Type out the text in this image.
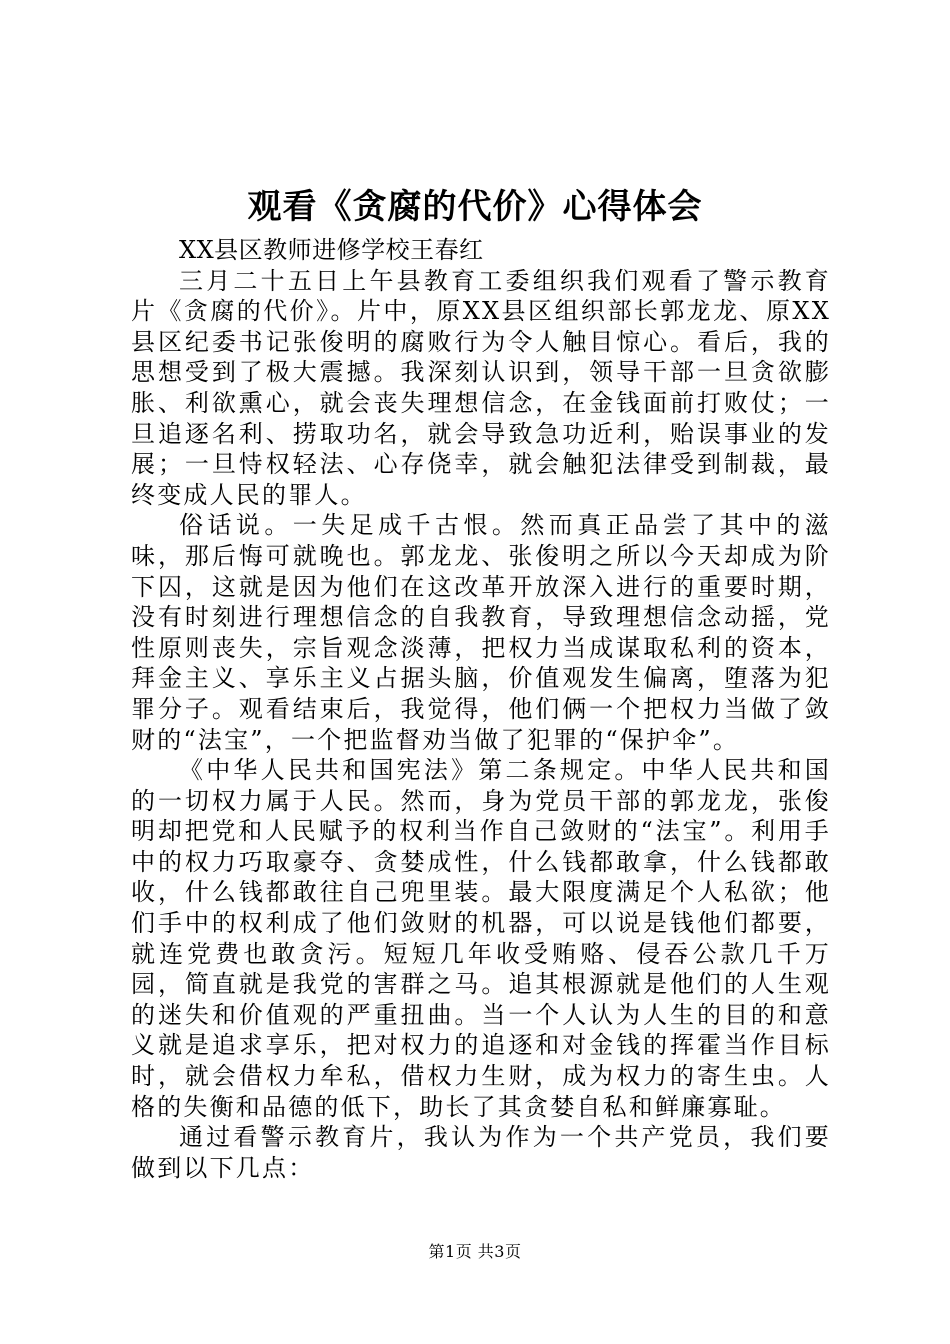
观看《贪腐的代价》心得体会

XX县区教师进修学校王春红

三月二十五日上午县教育工委组织我们观看了警示教育片《贪腐的代价》。片中，原XX县区组织部长郭龙龙、原XX县区纪委书记张俊明的腐败行为令人触目惊心。看后，我的思想受到了极大震撼。我深刻认识到，领导干部一旦贪欲膨胀、利欲熏心，就会丧失理想信念，在金钱面前打败仗；一旦追逐名利、捞取功名，就会导致急功近利，贻误事业的发展；一旦恃权轻法、心存侥幸，就会触犯法律受到制裁，最终变成人民的罪人。

俗话说。一失足成千古恨。然而真正品尝了其中的滋味，那后悔可就晚也。郭龙龙、张俊明之所以今天却成为阶下囚，这就是因为他们在这改革开放深入进行的重要时期，没有时刻进行理想信念的自我教育，导致理想信念动摇，党性原则丧失，宗旨观念淡薄，把权力当成谋取私利的资本，拜金主义、享乐主义占据头脑，价值观发生偏离，堕落为犯罪分子。观看结束后，我觉得，他们俩一个把权力当做了敛财的“法宝”，一个把监督劝当做了犯罪的“保护伞”。

《中华人民共和国宪法》第二条规定。中华人民共和国的一切权力属于人民。然而，身为党员干部的郭龙龙，张俊明却把党和人民赋予的权利当作自己敛财的“法宝”。利用手中的权力巧取豪夺、贪婪成性，什么钱都敢拿，什么钱都敢收，什么钱都敢往自己兜里装。最大限度满足个人私欲；他们手中的权利成了他们敛财的机器，可以说是钱他们都要，就连党费也敢贪污。短短几年收受贿赂、侵吞公款几千万园，简直就是我党的害群之马。追其根源就是他们的人生观的迷失和价值观的严重扭曲。当一个人认为人生的目的和意义就是追求享乐，把对权力的追逐和对金钱的挥霍当作目标时，就会借权力牟私，借权力生财，成为权力的寄生虫。人格的失衡和品德的低下，助长了其贪婪自私和鲜廉寡耻。

通过看警示教育片，我认为作为一个共产党员，我们要做到以下几点：

第1页 共3页
